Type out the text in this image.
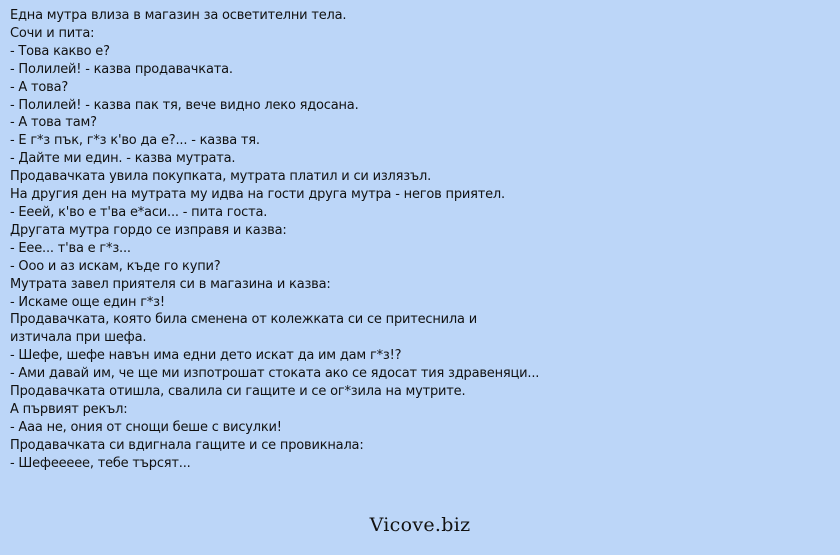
Една мутра влиза в магазин за осветителни тела.
Сочи и пита:
- Това какво е?
- Полилей! - казва продавачката.
- А това?
- Полилей! - казва пак тя, вече видно леко ядосана.
- А това там?
- Е г*з пък, г*з к'во да е?... - казва тя.
- Дайте ми един. - казва мутрата.
Продавачката увила покупката, мутрата платил и си излязъл.
На другия ден на мутрата му идва на гости друга мутра - негов приятел.
- Ееей, к'во е т'ва е*аси... - пита госта.
Другата мутра гордо се изправя и казва:
- Еее... т'ва е г*з...
- Ооо и аз искам, къде го купи?
Мутрата завел приятеля си в магазина и казва:
- Искаме още един г*з!
Продавачката, която била сменена от колежката си се притеснила и
изтичала при шефа.
- Шефе, шефе навън има едни дето искат да им дам г*з!?
- Ами давай им, че ще ми изпотрошат стоката ако се ядосат тия здравеняци...
Продавачката отишла, свалила си гащите и се ог*зила на мутрите.
А първият рекъл:
- Ааа не, ония от снощи беше с висулки!
Продавачката си вдигнала гащите и се провикнала:
- Шефеееее, тебе търсят...
Vicove.biz
